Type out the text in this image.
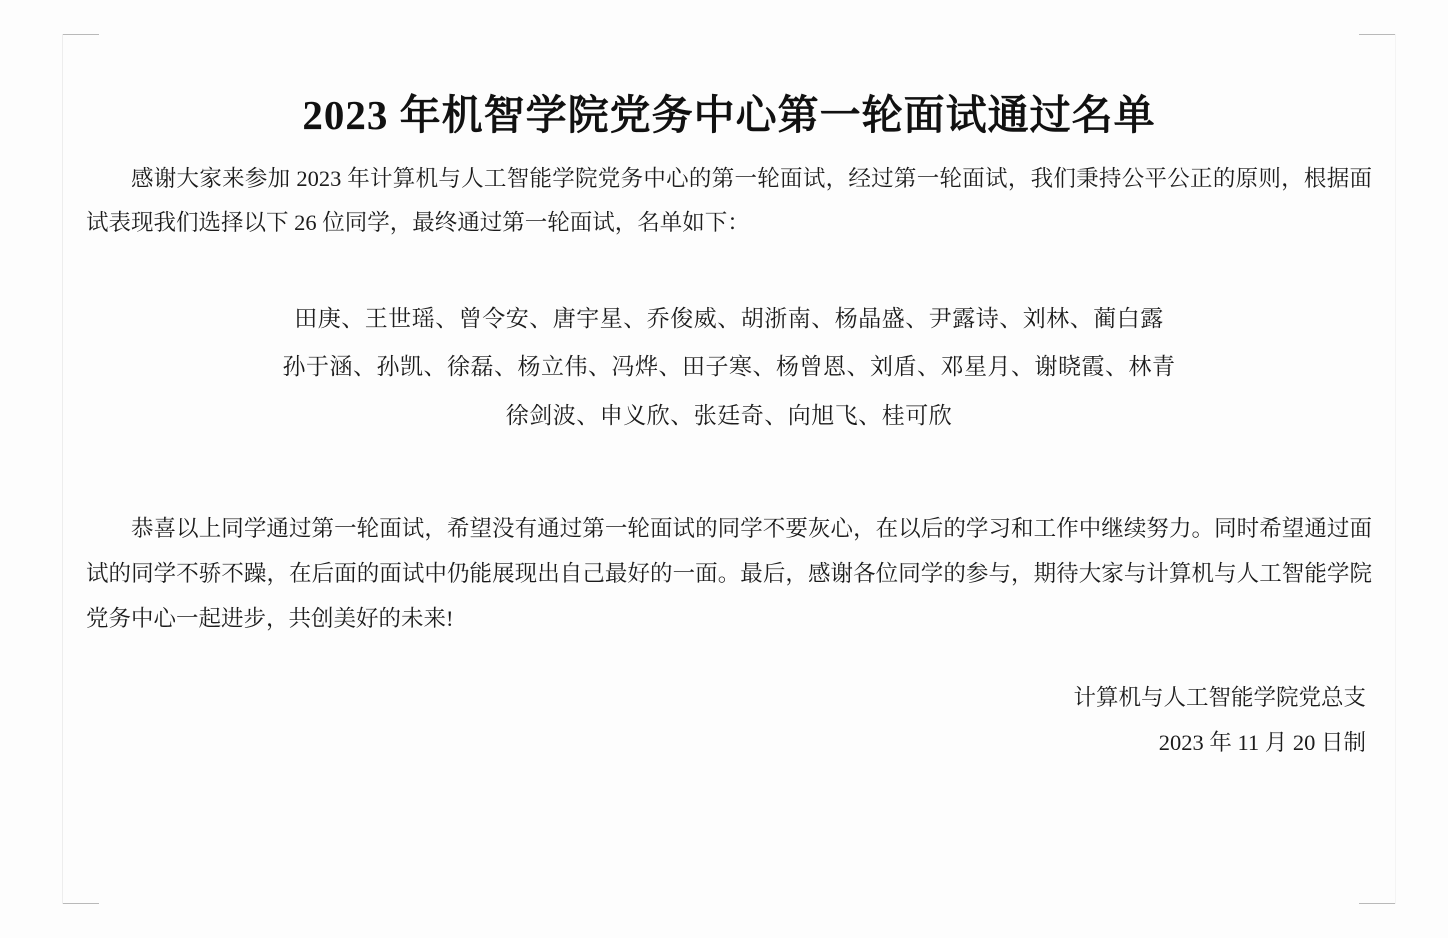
2023 年机智学院党务中心第一轮面试通过名单

感谢大家来参加 2023 年计算机与人工智能学院党务中心的第一轮面试，经过第一轮面试，我们秉持公平公正的原则，根据面试表现我们选择以下 26 位同学，最终通过第一轮面试，名单如下：

田庚、王世瑶、曾令安、唐宇星、乔俊威、胡浙南、杨晶盛、尹露诗、刘林、蔺白露
孙于涵、孙凯、徐磊、杨立伟、冯烨、田子寒、杨曾恩、刘盾、邓星月、谢晓霞、林青
徐剑波、申义欣、张廷奇、向旭飞、桂可欣

恭喜以上同学通过第一轮面试，希望没有通过第一轮面试的同学不要灰心，在以后的学习和工作中继续努力。同时希望通过面试的同学不骄不躁，在后面的面试中仍能展现出自己最好的一面。最后，感谢各位同学的参与，期待大家与计算机与人工智能学院党务中心一起进步，共创美好的未来!

计算机与人工智能学院党总支
2023 年 11 月 20 日制
